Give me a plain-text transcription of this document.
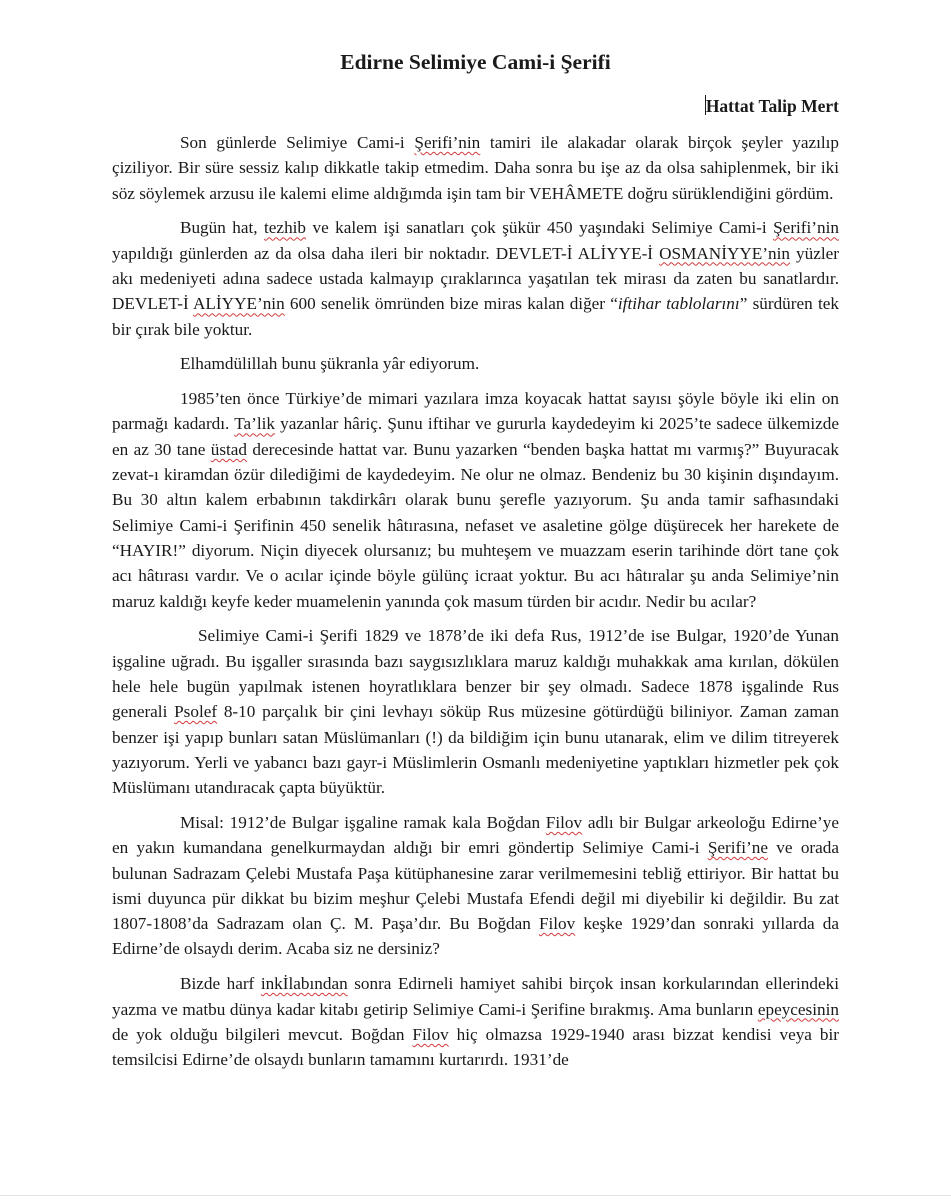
Edirne Selimiye Cami-i Şerifi
Hattat Talip Mert

Son günlerde Selimiye Cami-i Şerifi’nin tamiri ile alakadar olarak birçok şeyler yazılıp çiziliyor. Bir süre sessiz kalıp dikkatle takip etmedim. Daha sonra bu işe az da olsa sahiplenmek, bir iki söz söylemek arzusu ile kalemi elime aldığımda işin tam bir VEHÂMETE doğru sürüklendiğini gördüm.

Bugün hat, tezhib ve kalem işi sanatları çok şükür 450 yaşındaki Selimiye Cami-i Şerifi’nin yapıldığı günlerden az da olsa daha ileri bir noktadır. DEVLET-İ ALİYYE-İ OSMANİYYE’nin yüzler akı medeniyeti adına sadece ustada kalmayıp çıraklarınca yaşatılan tek mirası da zaten bu sanatlardır. DEVLET-İ ALİYYE’nin 600 senelik ömründen bize miras kalan diğer “iftihar tablolarını” sürdüren tek bir çırak bile yoktur.

Elhamdülillah bunu şükranla yâr ediyorum.

1985’ten önce Türkiye’de mimari yazılara imza koyacak hattat sayısı şöyle böyle iki elin on parmağı kadardı. Ta’lik yazanlar hâriç. Şunu iftihar ve gururla kaydedeyim ki 2025’te sadece ülkemizde en az 30 tane üstad derecesinde hattat var. Bunu yazarken “benden başka hattat mı varmış?” Buyuracak zevat-ı kiramdan özür dilediğimi de kaydedeyim. Ne olur ne olmaz. Bendeniz bu 30 kişinin dışındayım. Bu 30 altın kalem erbabının takdirkârı olarak bunu şerefle yazıyorum. Şu anda tamir safhasındaki Selimiye Cami-i Şerifinin 450 senelik hâtırasına, nefaset ve asaletine gölge düşürecek her harekete de “HAYIR!” diyorum. Niçin diyecek olursanız; bu muhteşem ve muazzam eserin tarihinde dört tane çok acı hâtırası vardır. Ve o acılar içinde böyle gülünç icraat yoktur. Bu acı hâtıralar şu anda Selimiye’nin maruz kaldığı keyfe keder muamelenin yanında çok masum türden bir acıdır. Nedir bu acılar?

Selimiye Cami-i Şerifi 1829 ve 1878’de iki defa Rus, 1912’de ise Bulgar, 1920’de Yunan işgaline uğradı. Bu işgaller sırasında bazı saygısızlıklara maruz kaldığı muhakkak ama kırılan, dökülen hele hele bugün yapılmak istenen hoyratlıklara benzer bir şey olmadı. Sadece 1878 işgalinde Rus generali Psolef 8-10 parçalık bir çini levhayı söküp Rus müzesine götürdüğü biliniyor. Zaman zaman benzer işi yapıp bunları satan Müslümanları (!) da bildiğim için bunu utanarak, elim ve dilim titreyerek yazıyorum. Yerli ve yabancı bazı gayr-i Müslimlerin Osmanlı medeniyetine yaptıkları hizmetler pek çok Müslümanı utandıracak çapta büyüktür.

Misal: 1912’de Bulgar işgaline ramak kala Boğdan Filov adlı bir Bulgar arkeoloğu Edirne’ye en yakın kumandana genelkurmaydan aldığı bir emri göndertip Selimiye Cami-i Şerifi’ne ve orada bulunan Sadrazam Çelebi Mustafa Paşa kütüphanesine zarar verilmemesini tebliğ ettiriyor. Bir hattat bu ismi duyunca pür dikkat bu bizim meşhur Çelebi Mustafa Efendi değil mi diyebilir ki değildir. Bu zat 1807-1808’da Sadrazam olan Ç. M. Paşa’dır. Bu Boğdan Filov keşke 1929’dan sonraki yıllarda da Edirne’de olsaydı derim. Acaba siz ne dersiniz?

Bizde harf inkİlabından sonra Edirneli hamiyet sahibi birçok insan korkularından ellerindeki yazma ve matbu dünya kadar kitabı getirip Selimiye Cami-i Şerifine bırakmış. Ama bunların epeycesinin de yok olduğu bilgileri mevcut. Boğdan Filov hiç olmazsa 1929-1940 arası bizzat kendisi veya bir temsilcisi Edirne’de olsaydı bunların tamamını kurtarırdı. 1931’de
